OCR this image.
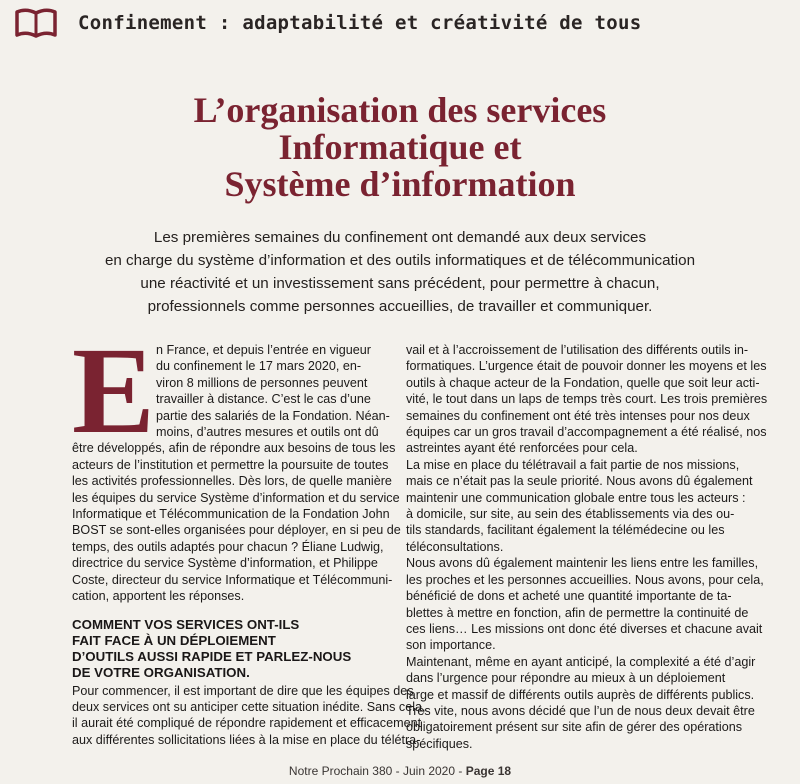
Confinement : adaptabilité et créativité de tous
L’organisation des services
Informatique et
Système d’information
Les premières semaines du confinement ont demandé aux deux services
en charge du système d’information et des outils informatiques et de télécommunication
une réactivité et un investissement sans précédent, pour permettre à chacun,
professionnels comme personnes accueillies, de travailler et communiquer.
E n France, et depuis l’entrée en vigueur
du confinement le 17 mars 2020, en-
viron 8 millions de personnes peuvent
travailler à distance. C’est le cas d’une
partie des salariés de la Fondation. Néan-
moins, d’autres mesures et outils ont dû
être développés, afin de répondre aux besoins de tous les
acteurs de l’institution et permettre la poursuite de toutes
les activités professionnelles. Dès lors, de quelle manière
les équipes du service Système d’information et du service
Informatique et Télécommunication de la Fondation John
BOST se sont-elles organisées pour déployer, en si peu de
temps, des outils adaptés pour chacun ? Éliane Ludwig,
directrice du service Système d’information, et Philippe
Coste, directeur du service Informatique et Télécommuni-
cation, apportent les réponses.
COMMENT VOS SERVICES ONT-ILS
FAIT FACE À UN DÉPLOIEMENT
D’OUTILS AUSSI RAPIDE ET PARLEZ-NOUS
DE VOTRE ORGANISATION.
Pour commencer, il est important de dire que les équipes des
deux services ont su anticiper cette situation inédite. Sans cela,
il aurait été compliqué de répondre rapidement et efficacement
aux différentes sollicitations liées à la mise en place du télétra-
vail et à l’accroissement de l’utilisation des différents outils in-
formatiques. L’urgence était de pouvoir donner les moyens et les
outils à chaque acteur de la Fondation, quelle que soit leur acti-
vité, le tout dans un laps de temps très court. Les trois premières
semaines du confinement ont été très intenses pour nos deux
équipes car un gros travail d’accompagnement a été réalisé, nos
astreintes ayant été renforcées pour cela.
La mise en place du télétravail a fait partie de nos missions,
mais ce n’était pas la seule priorité. Nous avons dû également
maintenir une communication globale entre tous les acteurs :
à domicile, sur site, au sein des établissements via des ou-
tils standards, facilitant également la télémédecine ou les
téléconsultations.
Nous avons dû également maintenir les liens entre les familles,
les proches et les personnes accueillies. Nous avons, pour cela,
bénéficié de dons et acheté une quantité importante de ta-
blettes à mettre en fonction, afin de permettre la continuité de
ces liens… Les missions ont donc été diverses et chacune avait
son importance.
Maintenant, même en ayant anticipé, la complexité a été d’agir
dans l’urgence pour répondre au mieux à un déploiement
large et massif de différents outils auprès de différents publics.
Très vite, nous avons décidé que l’un de nous deux devait être
obligatoirement présent sur site afin de gérer des opérations
spécifiques.
Notre Prochain 380 - Juin 2020 - Page 18
